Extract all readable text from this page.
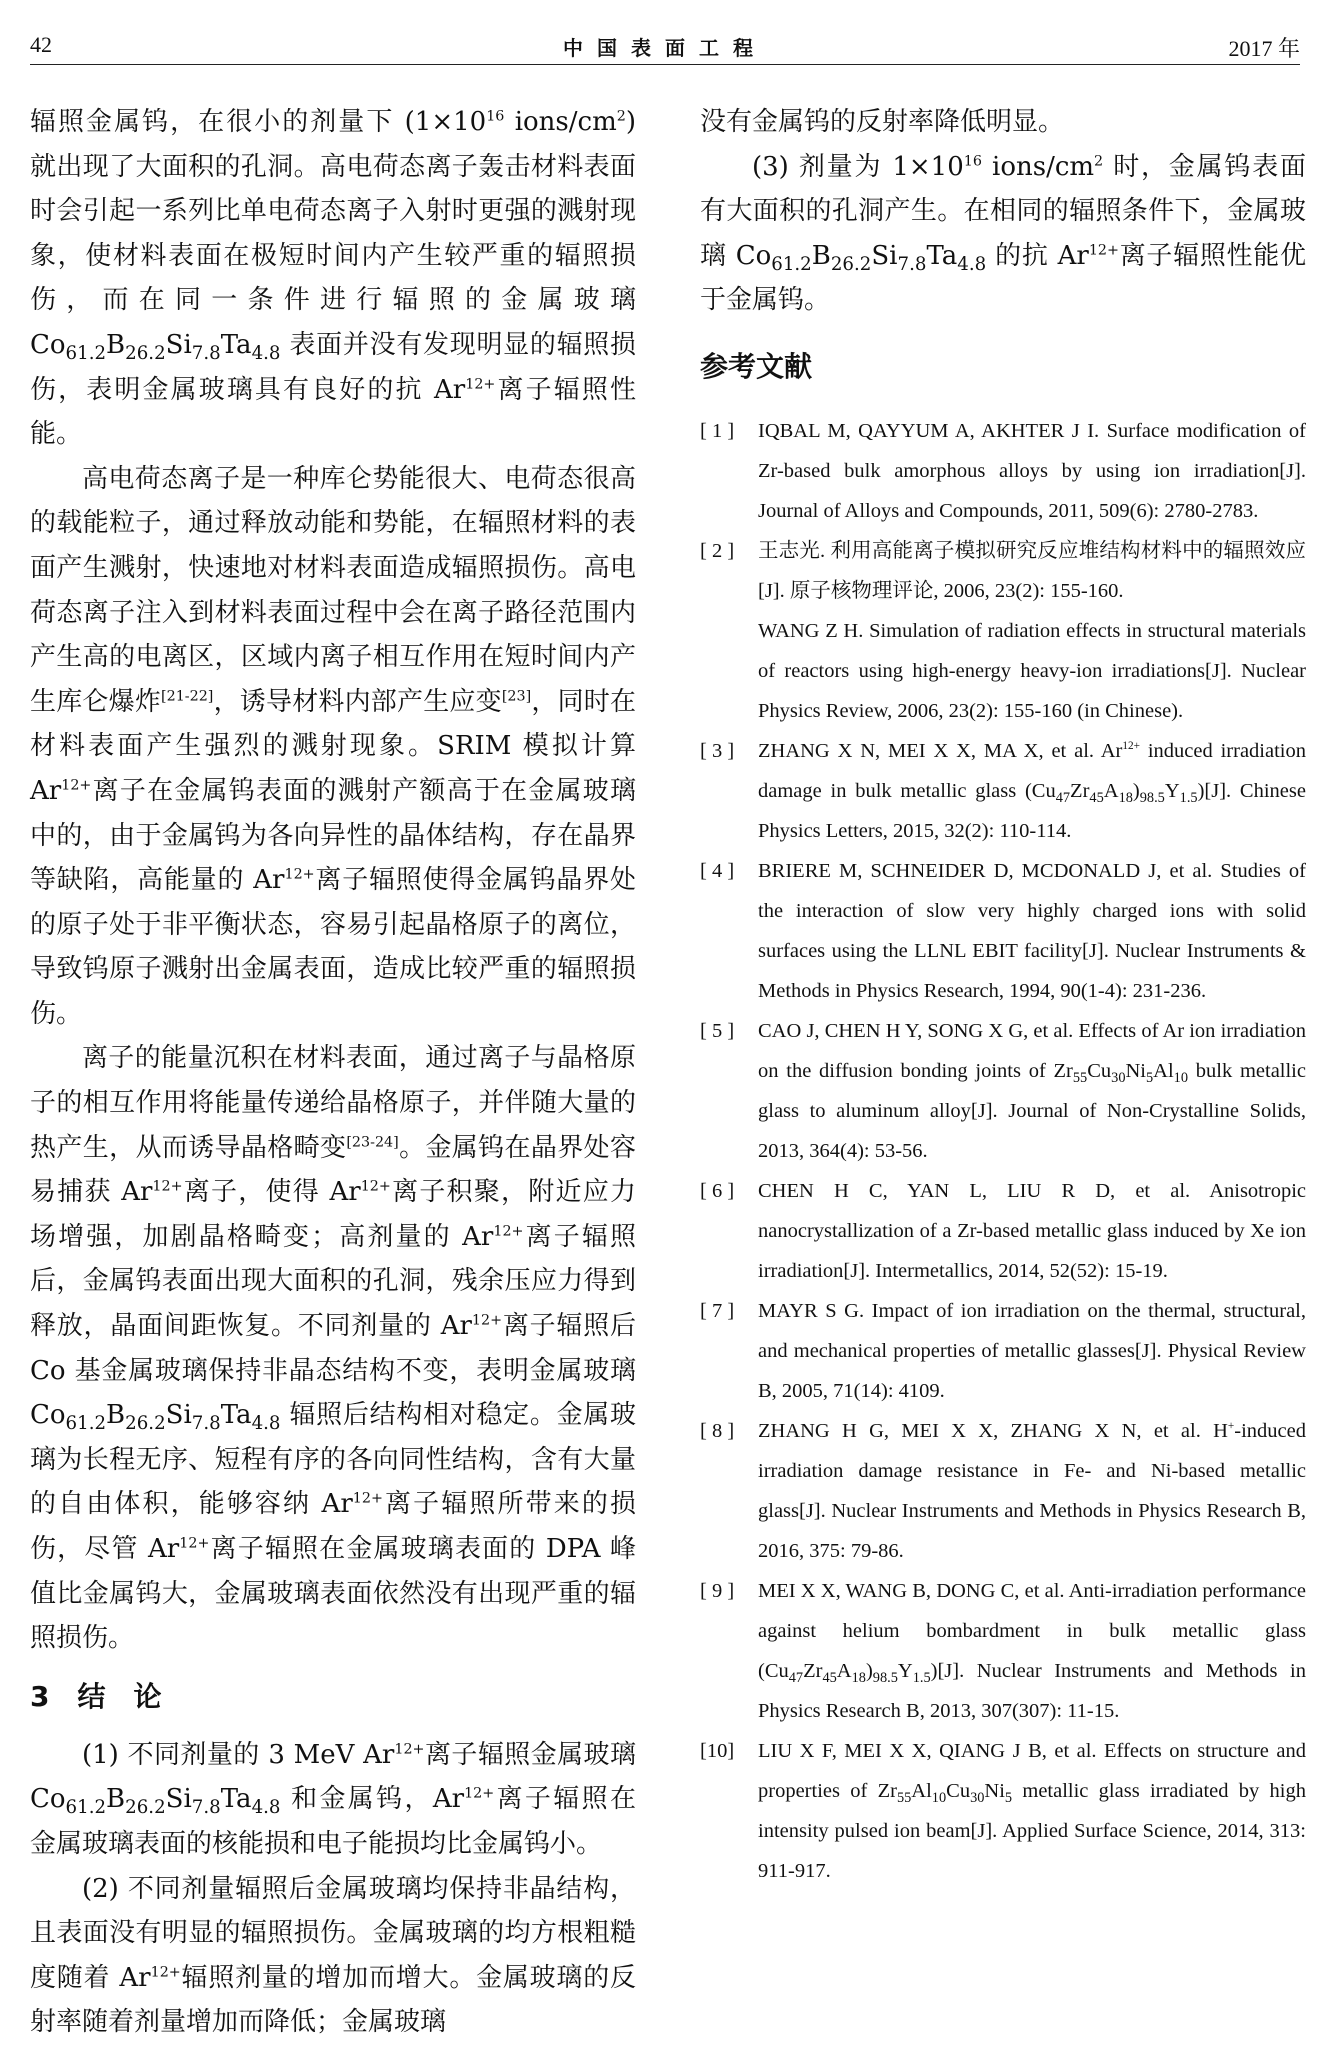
42	中国表面工程	2017 年

辐照金属钨，在很小的剂量下 ($1\times 10^{16}$ ions/$cm^2$) 就出现了大面积的孔洞。高电荷态离子轰击材料表面时会引起一系列比单电荷态离子入射时更强的溅射现象，使材料表面在极短时间内产生较严重的辐照损伤，而在同一条件进行辐照的金属玻璃 $Co_{61.2}B_{26.2}Si_{7.8}Ta_{4.8}$ 表面并没有发现明显的辐照损伤，表明金属玻璃具有良好的抗 $Ar^{12+}$离子辐照性能。

高电荷态离子是一种库仑势能很大、电荷态很高的载能粒子，通过释放动能和势能，在辐照材料的表面产生溅射，快速地对材料表面造成辐照损伤。高电荷态离子注入到材料表面过程中会在离子路径范围内产生高的电离区，区域内离子相互作用在短时间内产生库仑爆炸[21-22]，诱导材料内部产生应变[23]，同时在材料表面产生强烈的溅射现象。SRIM 模拟计算 $Ar^{12+}$离子在金属钨表面的溅射产额高于在金属玻璃中的，由于金属钨为各向异性的晶体结构，存在晶界等缺陷，高能量的 $Ar^{12+}$离子辐照使得金属钨晶界处的原子处于非平衡状态，容易引起晶格原子的离位，导致钨原子溅射出金属表面，造成比较严重的辐照损伤。

离子的能量沉积在材料表面，通过离子与晶格原子的相互作用将能量传递给晶格原子，并伴随大量的热产生，从而诱导晶格畸变[23-24]。金属钨在晶界处容易捕获 $Ar^{12+}$离子，使得 $Ar^{12+}$离子积聚，附近应力场增强，加剧晶格畸变；高剂量的 $Ar^{12+}$离子辐照后，金属钨表面出现大面积的孔洞，残余压应力得到释放，晶面间距恢复。不同剂量的 $Ar^{12+}$离子辐照后 Co 基金属玻璃保持非晶态结构不变，表明金属玻璃 $Co_{61.2}B_{26.2}Si_{7.8}Ta_{4.8}$ 辐照后结构相对稳定。金属玻璃为长程无序、短程有序的各向同性结构，含有大量的自由体积，能够容纳 $Ar^{12+}$离子辐照所带来的损伤，尽管 $Ar^{12+}$离子辐照在金属玻璃表面的 DPA 峰值比金属钨大，金属玻璃表面依然没有出现严重的辐照损伤。

3　结　论

(1) 不同剂量的 3 MeV $Ar^{12+}$离子辐照金属玻璃 $Co_{61.2}B_{26.2}Si_{7.8}Ta_{4.8}$ 和金属钨，$Ar^{12+}$离子辐照在金属玻璃表面的核能损和电子能损均比金属钨小。

(2) 不同剂量辐照后金属玻璃均保持非晶结构，且表面没有明显的辐照损伤。金属玻璃的均方根粗糙度随着 $Ar^{12+}$辐照剂量的增加而增大。金属玻璃的反射率随着剂量增加而降低；金属玻璃

没有金属钨的反射率降低明显。

(3) 剂量为 $1\times 10^{16}$ ions/$cm^2$ 时，金属钨表面有大面积的孔洞产生。在相同的辐照条件下，金属玻璃 $Co_{61.2}B_{26.2}Si_{7.8}Ta_{4.8}$ 的抗 $Ar^{12+}$离子辐照性能优于金属钨。

参考文献
[ 1 ]	IQBAL M, QAYYUM A, AKHTER J I. Surface modification of Zr-based bulk amorphous alloys by using ion irradiation[J]. Journal of Alloys and Compounds, 2011, 509(6): 2780-2783.
[ 2 ]	王志光. 利用高能离子模拟研究反应堆结构材料中的辐照效应[J]. 原子核物理评论, 2006, 23(2): 155-160.
WANG Z H. Simulation of radiation effects in structural materials of reactors using high-energy heavy-ion irradiations[J]. Nuclear Physics Review, 2006, 23(2): 155-160 (in Chinese).
[ 3 ]	ZHANG X N, MEI X X, MA X, et al. $Ar^{12+}$ induced irradiation damage in bulk metallic glass $(Cu_{47}Zr_{45}A_{18})_{98.5}Y_{1.5})[J]$. Chinese Physics Letters, 2015, 32(2): 110-114.
[ 4 ]	BRIERE M, SCHNEIDER D, MCDONALD J, et al. Studies of the interaction of slow very highly charged ions with solid surfaces using the LLNL EBIT facility[J]. Nuclear Instruments & Methods in Physics Research, 1994, 90(1-4): 231-236.
[ 5 ]	CAO J, CHEN H Y, SONG X G, et al. Effects of Ar ion irradiation on the diffusion bonding joints of $Zr_{55}Cu_{30}Ni_5Al_{10}$ bulk metallic glass to aluminum alloy[J]. Journal of Non-Crystalline Solids, 2013, 364(4): 53-56.
[ 6 ]	CHEN H C, YAN L, LIU R D, et al. Anisotropic nanocrystallization of a Zr-based metallic glass induced by Xe ion irradiation[J]. Intermetallics, 2014, 52(52): 15-19.
[ 7 ]	MAYR S G. Impact of ion irradiation on the thermal, structural, and mechanical properties of metallic glasses[J]. Physical Review B, 2005, 71(14): 4109.
[ 8 ]	ZHANG H G, MEI X X, ZHANG X N, et al. H+-induced irradiation damage resistance in Fe- and Ni-based metallic glass[J]. Nuclear Instruments and Methods in Physics Research B, 2016, 375: 79-86.
[ 9 ]	MEI X X, WANG B, DONG C, et al. Anti-irradiation performance against helium bombardment in bulk metallic glass $(Cu_{47}Zr_{45}A_{18})_{98.5}Y_{1.5})[J]$. Nuclear Instruments and Methods in Physics Research B, 2013, 307(307): 11-15.
[10]	LIU X F, MEI X X, QIANG J B, et al. Effects on structure and properties of $Zr_{55}Al_{10}Cu_{30}Ni_5$ metallic glass irradiated by high intensity pulsed ion beam[J]. Applied Surface Science, 2014, 313: 911-917.
